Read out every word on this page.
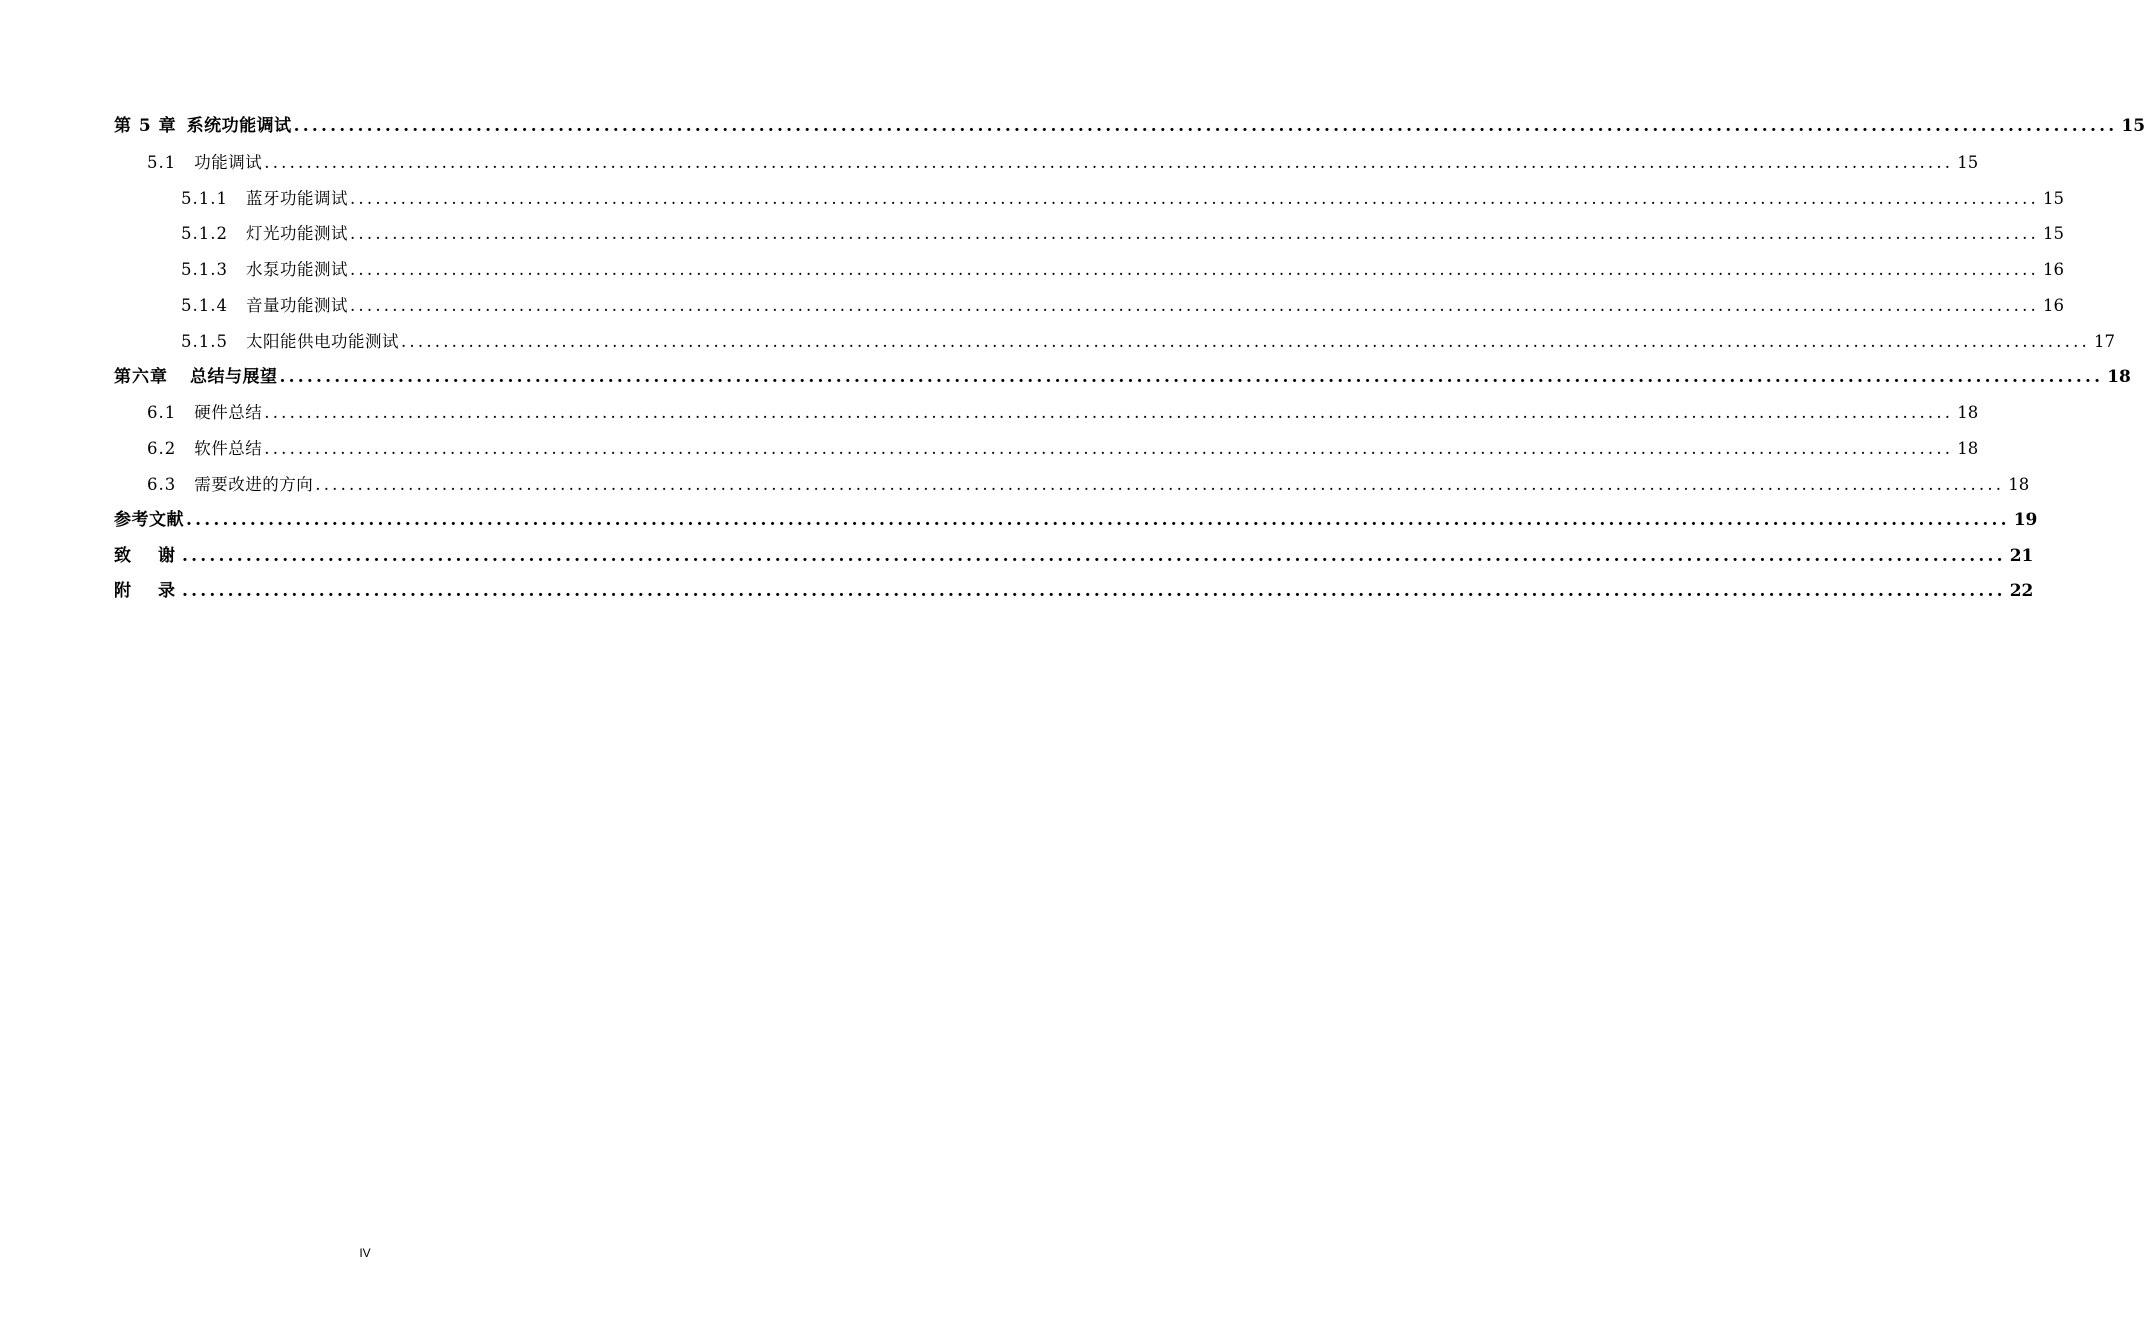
第 5 章 系统功能调试 ........................................................................................................................................................................................................ 15
5.1 功能调试 ........................................................................................................................................................................................................ 15
5.1.1 蓝牙功能调试 ........................................................................................................................................................................................................ 15
5.1.2 灯光功能测试 ........................................................................................................................................................................................................ 15
5.1.3 水泵功能测试 ........................................................................................................................................................................................................ 16
5.1.4 音量功能测试 ........................................................................................................................................................................................................ 16
5.1.5 太阳能供电功能测试 ........................................................................................................................................................................................................ 17
第六章 总结与展望 ........................................................................................................................................................................................................ 18
6.1 硬件总结 ........................................................................................................................................................................................................ 18
6.2 软件总结 ........................................................................................................................................................................................................ 18
6.3 需要改进的方向 ........................................................................................................................................................................................................ 18
参考文献 ........................................................................................................................................................................................................ 19
致　谢 ........................................................................................................................................................................................................ 21
附　录 ........................................................................................................................................................................................................ 22
IV
